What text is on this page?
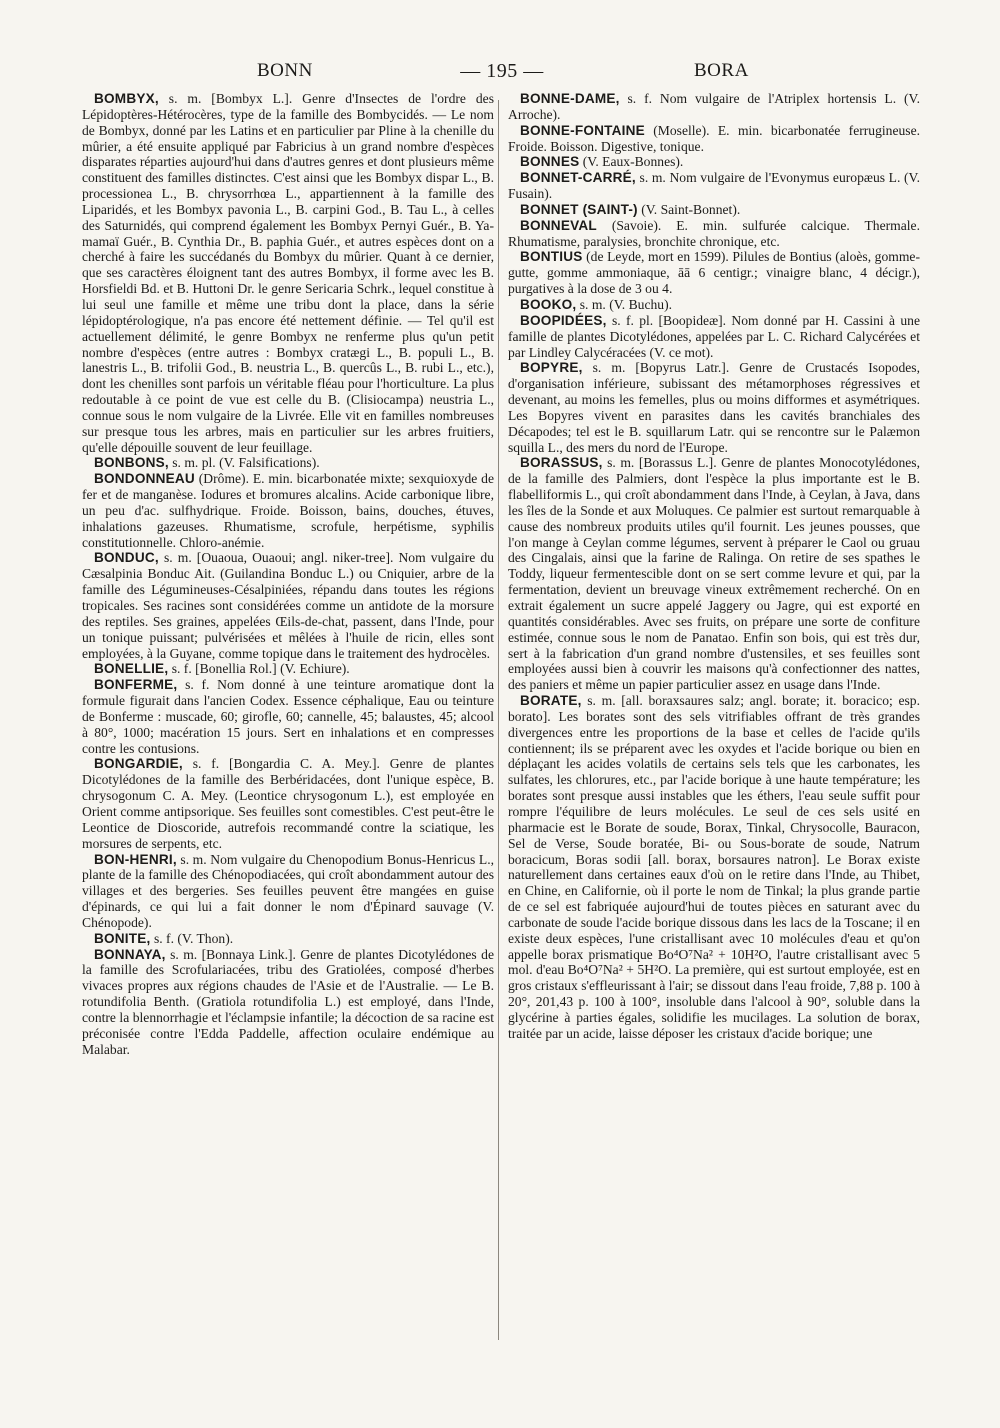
BONN	— 195 —	BORA

BOMBYX, s. m. [Bombyx L.]. Genre d'Insectes de l'ordre des Lépidoptères-Hétérocères, type de la famille des Bombycidés. — Le nom de Bombyx, donné par les Latins et en particulier par Pline à la chenille du mûrier, a été ensuite appliqué par Fabricius à un grand nombre d'espèces disparates réparties aujourd'hui dans d'autres genres et dont plusieurs même constituent des familles distinctes. C'est ainsi que les Bombyx dispar L., B. processionea L., B. chrysorrhœa L., appartiennent à la famille des Liparidés, et les Bombyx pavonia L., B. carpini God., B. Tau L., à celles des Saturnidés, qui comprend également les Bombyx Pernyi Guér., B. Ya-mamaï Guér., B. Cynthia Dr., B. paphia Guér., et autres espèces dont on a cherché à faire les succédanés du Bombyx du mûrier. Quant à ce dernier, que ses caractères éloignent tant des autres Bombyx, il forme avec les B. Horsfieldi Bd. et B. Huttoni Dr. le genre Sericaria Schrk., lequel constitue à lui seul une famille et même une tribu dont la place, dans la série lépidoptérologique, n'a pas encore été nettement définie. — Tel qu'il est actuellement délimité, le genre Bombyx ne renferme plus qu'un petit nombre d'espèces (entre autres : Bombyx cratægi L., B. populi L., B. lanestris L., B. trifolii God., B. neustria L., B. quercûs L., B. rubi L., etc.), dont les chenilles sont parfois un véritable fléau pour l'horticulture. La plus redoutable à ce point de vue est celle du B. (Clisiocampa) neustria L., connue sous le nom vulgaire de la Livrée. Elle vit en familles nombreuses sur presque tous les arbres, mais en particulier sur les arbres fruitiers, qu'elle dépouille souvent de leur feuillage.

BONBONS, s. m. pl. (V. Falsifications).

BONDONNEAU (Drôme). E. min. bicarbonatée mixte; sexquioxyde de fer et de manganèse. Iodures et bromures alcalins. Acide carbonique libre, un peu d'ac. sulfhydrique. Froide. Boisson, bains, douches, étuves, inhalations gazeuses. Rhumatisme, scrofule, herpétisme, syphilis constitutionnelle. Chloro-anémie.

BONDUC, s. m. [Ouaoua, Ouaoui; angl. niker-tree]. Nom vulgaire du Cæsalpinia Bonduc Ait. (Guilandina Bonduc L.) ou Cniquier, arbre de la famille des Légumineuses-Césalpiniées, répandu dans toutes les régions tropicales. Ses racines sont considérées comme un antidote de la morsure des reptiles. Ses graines, appelées Œils-de-chat, passent, dans l'Inde, pour un tonique puissant; pulvérisées et mêlées à l'huile de ricin, elles sont employées, à la Guyane, comme topique dans le traitement des hydrocèles.

BONELLIE, s. f. [Bonellia Rol.] (V. Echiure).

BONFERME, s. f. Nom donné à une teinture aromatique dont la formule figurait dans l'ancien Codex. Essence céphalique, Eau ou teinture de Bonferme : muscade, 60; girofle, 60; cannelle, 45; balaustes, 45; alcool à 80°, 1000; macération 15 jours. Sert en inhalations et en compresses contre les contusions.

BONGARDIE, s. f. [Bongardia C. A. Mey.]. Genre de plantes Dicotylédones de la famille des Berbéridacées, dont l'unique espèce, B. chrysogonum C. A. Mey. (Leontice chrysogonum L.), est employée en Orient comme antipsorique. Ses feuilles sont comestibles. C'est peut-être le Leontice de Dioscoride, autrefois recommandé contre la sciatique, les morsures de serpents, etc.

BON-HENRI, s. m. Nom vulgaire du Chenopodium Bonus-Henricus L., plante de la famille des Chénopodiacées, qui croît abondamment autour des villages et des bergeries. Ses feuilles peuvent être mangées en guise d'épinards, ce qui lui a fait donner le nom d'Épinard sauvage (V. Chénopode).

BONITE, s. f. (V. Thon).

BONNAYA, s. m. [Bonnaya Link.]. Genre de plantes Dicotylédones de la famille des Scrofulariacées, tribu des Gratiolées, composé d'herbes vivaces propres aux régions chaudes de l'Asie et de l'Australie. — Le B. rotundifolia Benth. (Gratiola rotundifolia L.) est employé, dans l'Inde, contre la blennorrhagie et l'éclampsie infantile; la décoction de sa racine est préconisée contre l'Edda Paddelle, affection oculaire endémique au Malabar.

BONNE-DAME, s. f. Nom vulgaire de l'Atriplex hortensis L. (V. Arroche).

BONNE-FONTAINE (Moselle). E. min. bicarbonatée ferrugineuse. Froide. Boisson. Digestive, tonique.

BONNES (V. Eaux-Bonnes).

BONNET-CARRÉ, s. m. Nom vulgaire de l'Evonymus europæus L. (V. Fusain).

BONNET (SAINT-) (V. Saint-Bonnet).

BONNEVAL (Savoie). E. min. sulfurée calcique. Thermale. Rhumatisme, paralysies, bronchite chronique, etc.

BONTIUS (de Leyde, mort en 1599). Pilules de Bontius (aloès, gomme-gutte, gomme ammoniaque, āā 6 centigr.; vinaigre blanc, 4 décigr.), purgatives à la dose de 3 ou 4.

BOOKO, s. m. (V. Buchu).

BOOPIDÉES, s. f. pl. [Boopideæ]. Nom donné par H. Cassini à une famille de plantes Dicotylédones, appelées par L. C. Richard Calycérées et par Lindley Calycéracées (V. ce mot).

BOPYRE, s. m. [Bopyrus Latr.]. Genre de Crustacés Isopodes, d'organisation inférieure, subissant des métamorphoses régressives et devenant, au moins les femelles, plus ou moins difformes et asymétriques. Les Bopyres vivent en parasites dans les cavités branchiales des Décapodes; tel est le B. squillarum Latr. qui se rencontre sur le Palæmon squilla L., des mers du nord de l'Europe.

BORASSUS, s. m. [Borassus L.]. Genre de plantes Monocotylédones, de la famille des Palmiers, dont l'espèce la plus importante est le B. flabelliformis L., qui croît abondamment dans l'Inde, à Ceylan, à Java, dans les îles de la Sonde et aux Moluques. Ce palmier est surtout remarquable à cause des nombreux produits utiles qu'il fournit. Les jeunes pousses, que l'on mange à Ceylan comme légumes, servent à préparer le Caol ou gruau des Cingalais, ainsi que la farine de Ralinga. On retire de ses spathes le Toddy, liqueur fermentescible dont on se sert comme levure et qui, par la fermentation, devient un breuvage vineux extrêmement recherché. On en extrait également un sucre appelé Jaggery ou Jagre, qui est exporté en quantités considérables. Avec ses fruits, on prépare une sorte de confiture estimée, connue sous le nom de Panatao. Enfin son bois, qui est très dur, sert à la fabrication d'un grand nombre d'ustensiles, et ses feuilles sont employées aussi bien à couvrir les maisons qu'à confectionner des nattes, des paniers et même un papier particulier assez en usage dans l'Inde.

BORATE, s. m. [all. boraxsaures salz; angl. borate; it. boracico; esp. borato]. Les borates sont des sels vitrifiables offrant de très grandes divergences entre les proportions de la base et celles de l'acide qu'ils contiennent; ils se préparent avec les oxydes et l'acide borique ou bien en déplaçant les acides volatils de certains sels tels que les carbonates, les sulfates, les chlorures, etc., par l'acide borique à une haute température; les borates sont presque aussi instables que les éthers, l'eau seule suffit pour rompre l'équilibre de leurs molécules. Le seul de ces sels usité en pharmacie est le Borate de soude, Borax, Tinkal, Chrysocolle, Bauracon, Sel de Verse, Soude boratée, Bi- ou Sous-borate de soude, Natrum boracicum, Boras sodii [all. borax, borsaures natron]. Le Borax existe naturellement dans certaines eaux d'où on le retire dans l'Inde, au Thibet, en Chine, en Californie, où il porte le nom de Tinkal; la plus grande partie de ce sel est fabriquée aujourd'hui de toutes pièces en saturant avec du carbonate de soude l'acide borique dissous dans les lacs de la Toscane; il en existe deux espèces, l'une cristallisant avec 10 molécules d'eau et qu'on appelle borax prismatique Bo⁴O⁷Na² + 10H²O, l'autre cristallisant avec 5 mol. d'eau Bo⁴O⁷Na² + 5H²O. La première, qui est surtout employée, est en gros cristaux s'effleurissant à l'air; se dissout dans l'eau froide, 7,88 p. 100 à 20°, 201,43 p. 100 à 100°, insoluble dans l'alcool à 90°, soluble dans la glycérine à parties égales, solidifie les mucilages. La solution de borax, traitée par un acide, laisse déposer les cristaux d'acide borique; une
